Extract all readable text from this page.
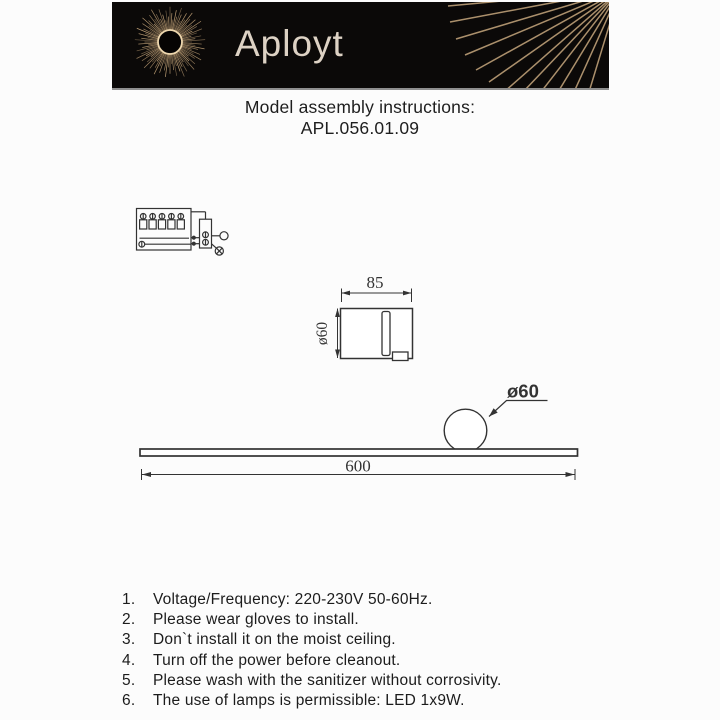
Aployt
Model assembly instructions:
APL.056.01.09
85
ø60
ø60
600
1.	Voltage/Frequency: 220-230V 50-60Hz.
2.	Please wear gloves to install.
3.	Don`t install it on the moist ceiling.
4.	Turn off the power before cleanout.
5.	Please wash with the sanitizer without corrosivity.
6.	The use of lamps is permissible: LED 1x9W.
